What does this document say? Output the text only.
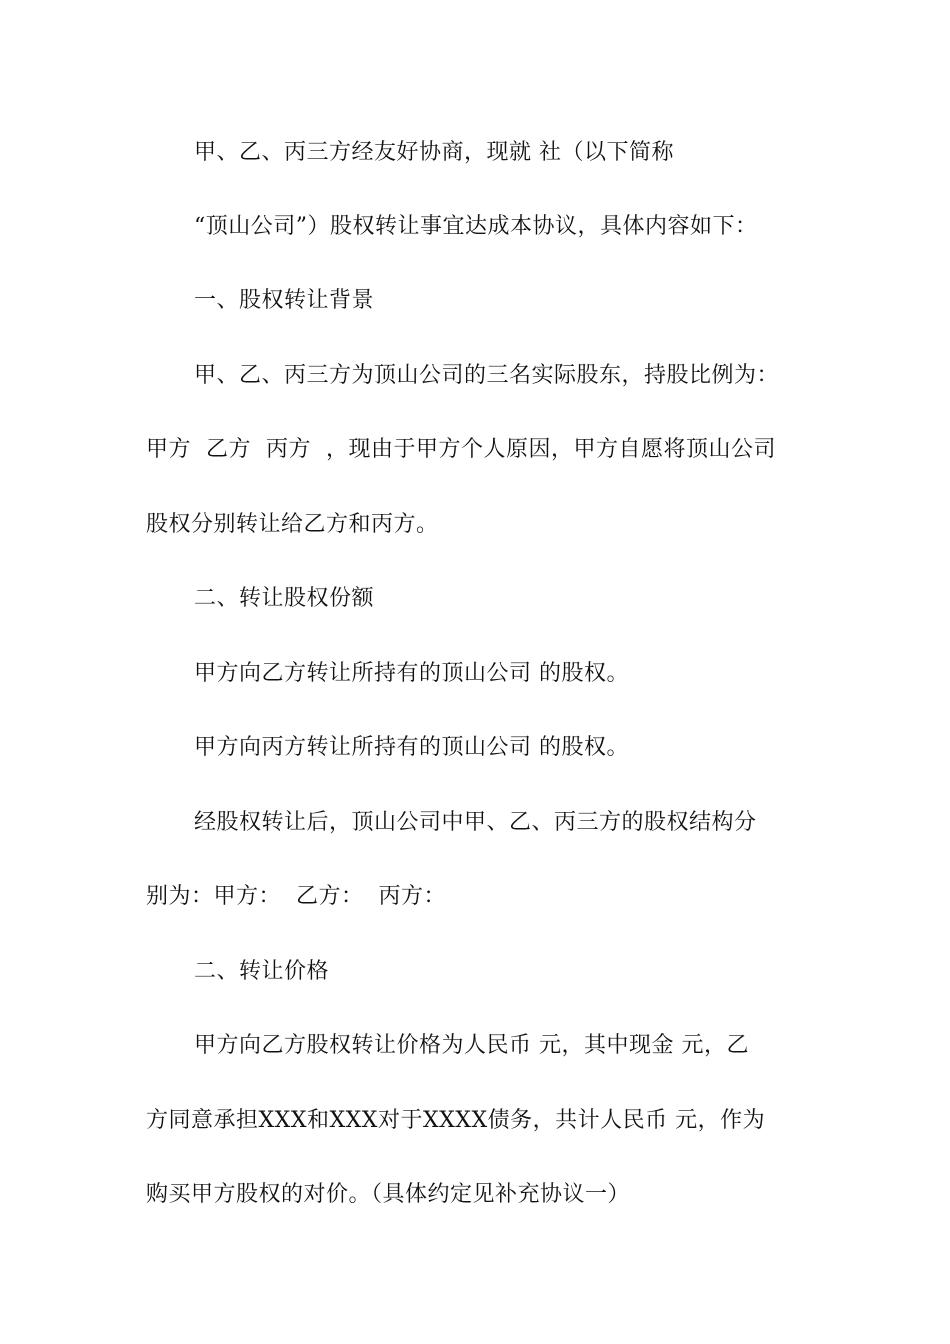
甲、乙、丙三方经友好协商，现就 社（以下简称
“顶山公司”）股权转让事宜达成本协议，具体内容如下：
一、股权转让背景
甲、乙、丙三方为顶山公司的三名实际股东，持股比例为：
甲方  乙方  丙方  ，现由于甲方个人原因，甲方自愿将顶山公司
股权分别转让给乙方和丙方。
二、转让股权份额
甲方向乙方转让所持有的顶山公司 的股权。
甲方向丙方转让所持有的顶山公司 的股权。
经股权转让后，顶山公司中甲、乙、丙三方的股权结构分
别为：甲方：  乙方：  丙方：
二、转让价格
甲方向乙方股权转让价格为人民币 元，其中现金 元，乙
方同意承担XXX和XXX对于XXXX债务，共计人民币 元，作为
购买甲方股权的对价。（具体约定见补充协议一）
